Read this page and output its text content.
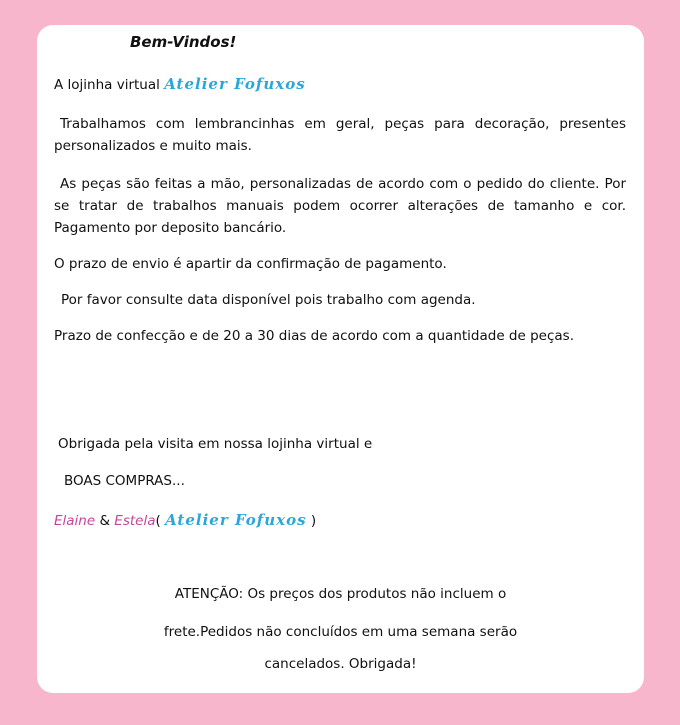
Bem-Vindos!

A lojinha virtual Atelier Fofuxos

Trabalhamos com lembrancinhas em geral, peças para decoração, presentes personalizados e muito mais.

As peças são feitas a mão, personalizadas de acordo com o pedido do cliente. Por se tratar de trabalhos manuais podem ocorrer alterações de tamanho e cor. Pagamento por deposito bancário.

O prazo de envio é apartir da confirmação de pagamento.

Por favor consulte data disponível pois trabalho com agenda.

Prazo de confecção e de 20 a 30 dias de acordo com a quantidade de peças.

Obrigada pela visita em nossa lojinha virtual e

BOAS COMPRAS...

Elaine & Estela( Atelier Fofuxos )

ATENÇÃO: Os preços dos produtos não incluem o

frete.Pedidos não concluídos em uma semana serão

cancelados. Obrigada!
